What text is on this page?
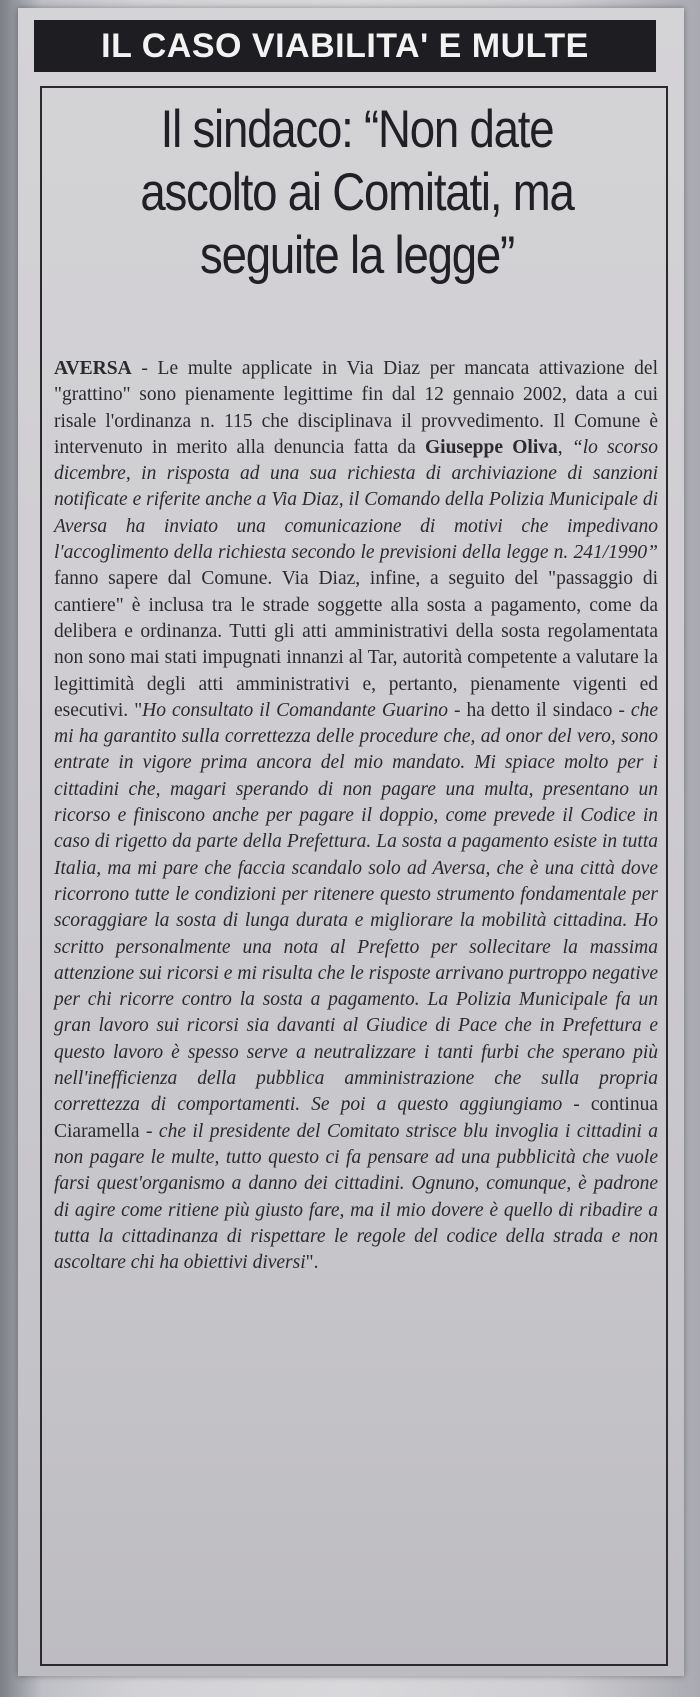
IL CASO VIABILITA' E MULTE
Il sindaco: “Non date ascolto ai Comitati, ma seguite la legge”
AVERSA - Le multe applicate in Via Diaz per mancata attivazione del "grattino" sono pienamente legittime fin dal 12 gennaio 2002, data a cui risale l'ordinanza n. 115 che disciplinava il provvedimento. Il Comune è intervenuto in merito alla denuncia fatta da Giuseppe Oliva, “lo scorso dicembre, in risposta ad una sua richiesta di archiviazione di sanzioni notificate e riferite anche a Via Diaz, il Comando della Polizia Municipale di Aversa ha inviato una comunicazione di motivi che impedivano l'accoglimento della richiesta secondo le previsioni della legge n. 241/1990” fanno sapere dal Comune. Via Diaz, infine, a seguito del "passaggio di cantiere" è inclusa tra le strade soggette alla sosta a pagamento, come da delibera e ordinanza. Tutti gli atti amministrativi della sosta regolamentata non sono mai stati impugnati innanzi al Tar, autorità competente a valutare la legittimità degli atti amministrativi e, pertanto, pienamente vigenti ed esecutivi. "Ho consultato il Comandante Guarino - ha detto il sindaco - che mi ha garantito sulla correttezza delle procedure che, ad onor del vero, sono entrate in vigore prima ancora del mio mandato. Mi spiace molto per i cittadini che, magari sperando di non pagare una multa, presentano un ricorso e finiscono anche per pagare il doppio, come prevede il Codice in caso di rigetto da parte della Prefettura. La sosta a pagamento esiste in tutta Italia, ma mi pare che faccia scandalo solo ad Aversa, che è una città dove ricorrono tutte le condizioni per ritenere questo strumento fondamentale per scoraggiare la sosta di lunga durata e migliorare la mobilità cittadina. Ho scritto personalmente una nota al Prefetto per sollecitare la massima attenzione sui ricorsi e mi risulta che le risposte arrivano purtroppo negative per chi ricorre contro la sosta a pagamento. La Polizia Municipale fa un gran lavoro sui ricorsi sia davanti al Giudice di Pace che in Prefettura e questo lavoro è spesso serve a neutralizzare i tanti furbi che sperano più nell'inefficienza della pubblica amministrazione che sulla propria correttezza di comportamenti. Se poi a questo aggiungiamo - continua Ciaramella - che il presidente del Comitato strisce blu invoglia i cittadini a non pagare le multe, tutto questo ci fa pensare ad una pubblicità che vuole farsi quest'organismo a danno dei cittadini. Ognuno, comunque, è padrone di agire come ritiene più giusto fare, ma il mio dovere è quello di ribadire a tutta la cittadinanza di rispettare le regole del codice della strada e non ascoltare chi ha obiettivi diversi".
